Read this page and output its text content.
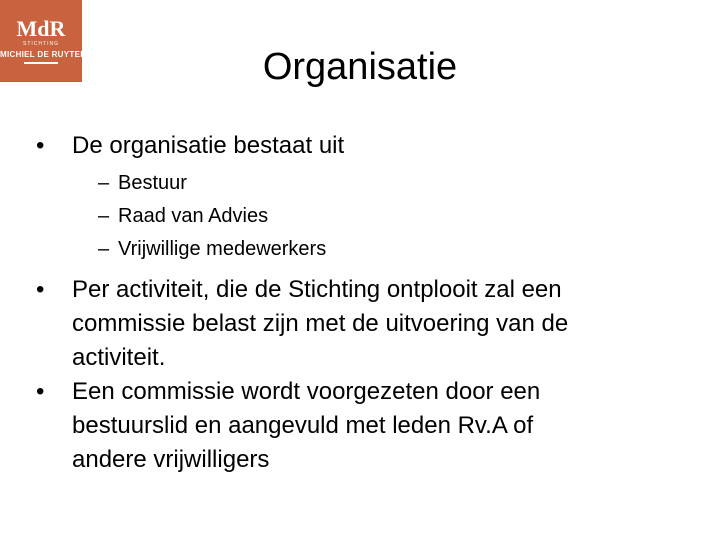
MdR
STICHTING
MICHIEL DE RUYTER	Organisatie
•	De organisatie bestaat uit
– Bestuur
– Raad van Advies
– Vrijwillige medewerkers
•	Per activiteit, die de Stichting ontplooit zal een
commissie belast zijn met de uitvoering van de
activiteit.
•	Een commissie wordt voorgezeten door een
bestuurslid en aangevuld met leden Rv.A of
andere vrijwilligers
